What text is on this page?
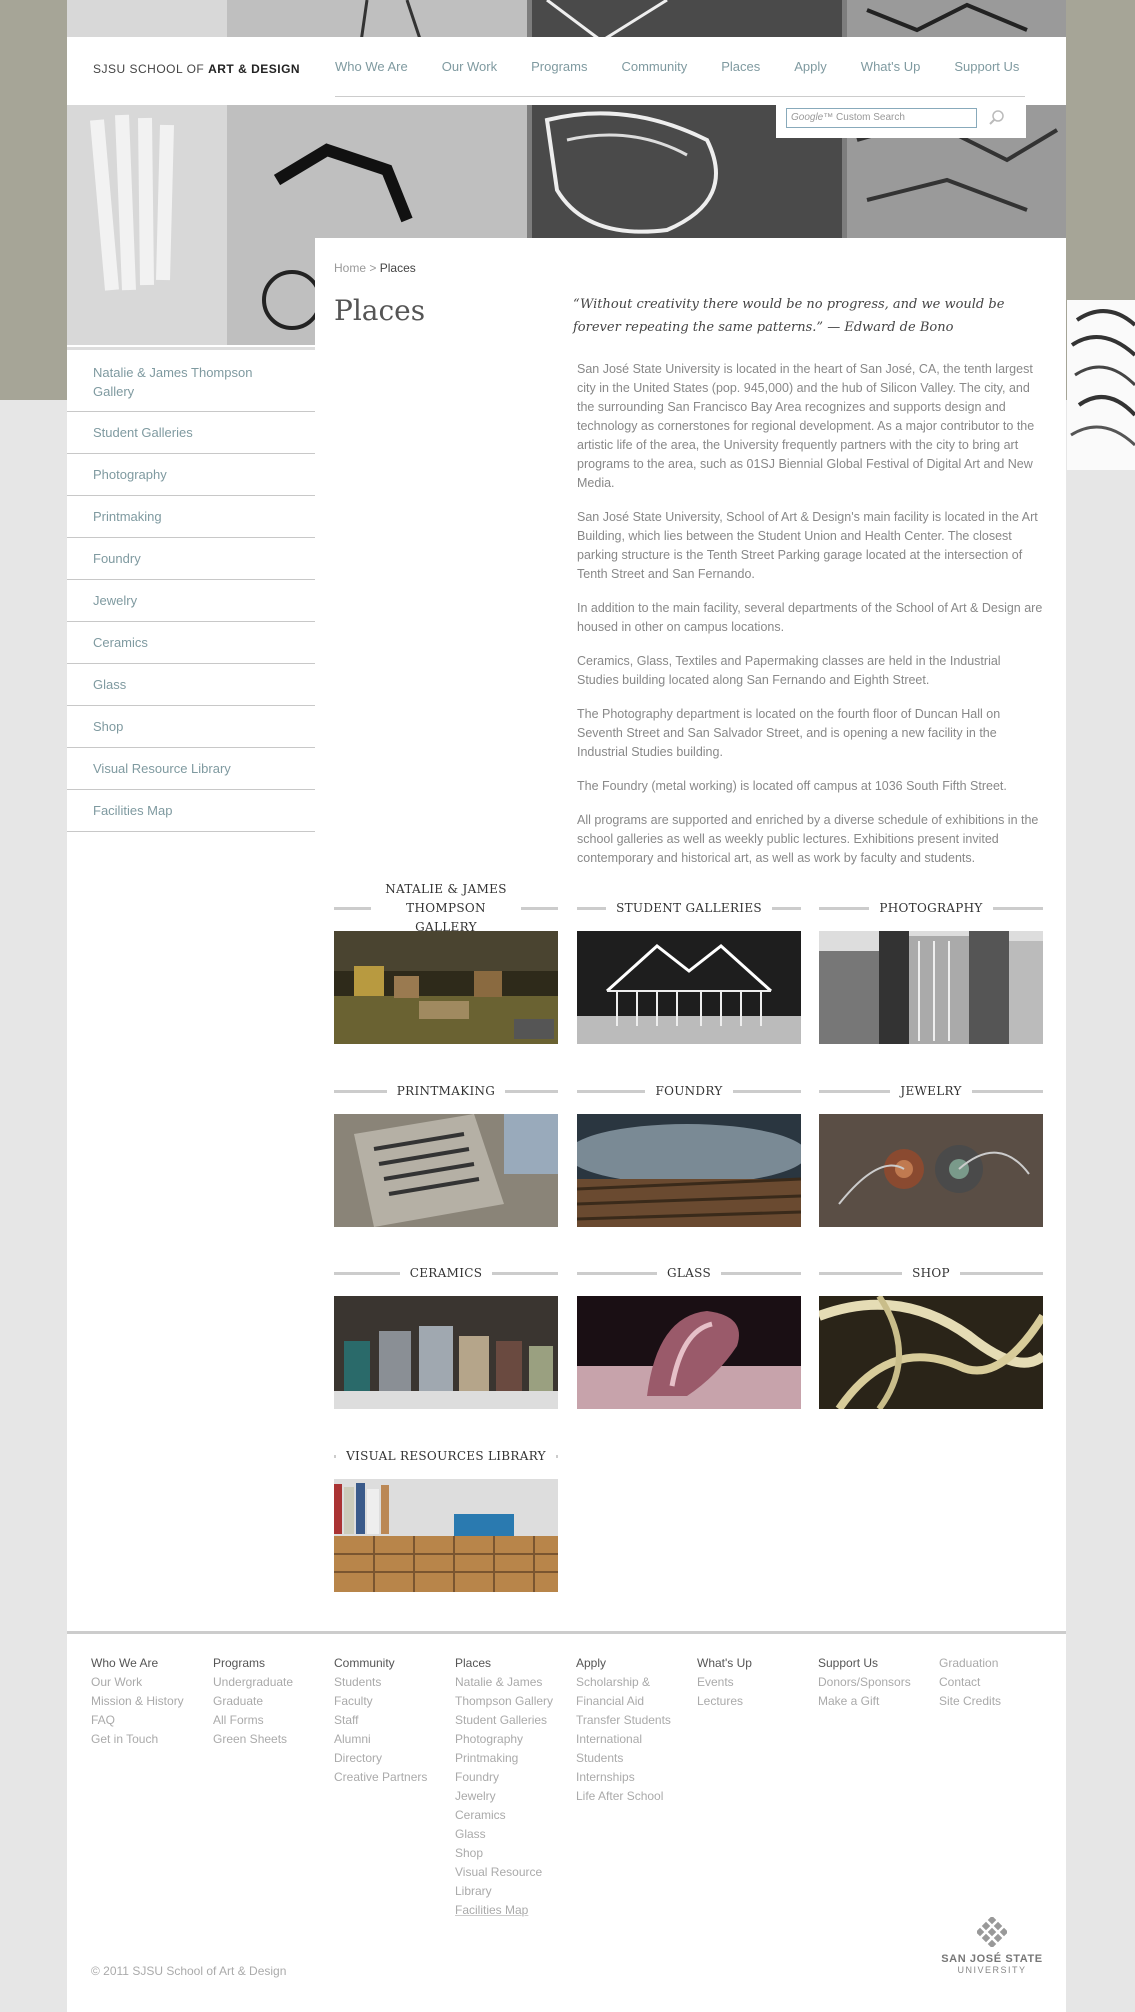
SJSU SCHOOL OF ART & DESIGN	Who We Are	Our Work	Programs	Community	Places	Apply	What's Up	Support Us
Natalie & James Thompson Gallery
Student Galleries
Photography
Printmaking
Foundry
Jewelry
Ceramics
Glass
Shop
Visual Resource Library
Facilities Map
Home > Places
Places	“Without creativity there would be no progress, and we would be forever repeating the same patterns.” — Edward de Bono

San José State University is located in the heart of San José, CA, the tenth largest city in the United States (pop. 945,000) and the hub of Silicon Valley. The city, and the surrounding San Francisco Bay Area recognizes and supports design and technology as cornerstones for regional development. As a major contributor to the artistic life of the area, the University frequently partners with the city to bring art programs to the area, such as 01SJ Biennial Global Festival of Digital Art and New Media.

San José State University, School of Art & Design's main facility is located in the Art Building, which lies between the Student Union and Health Center. The closest parking structure is the Tenth Street Parking garage located at the intersection of Tenth Street and San Fernando.

In addition to the main facility, several departments of the School of Art & Design are housed in other on campus locations.

Ceramics, Glass, Textiles and Papermaking classes are held in the Industrial Studies building located along San Fernando and Eighth Street.

The Photography department is located on the fourth floor of Duncan Hall on Seventh Street and San Salvador Street, and is opening a new facility in the Industrial Studies building.

The Foundry (metal working) is located off campus at 1036 South Fifth Street.

All programs are supported and enriched by a diverse schedule of exhibitions in the school galleries as well as weekly public lectures. Exhibitions present invited contemporary and historical art, as well as work by faculty and students.

NATALIE & JAMES THOMPSON GALLERY
STUDENT GALLERIES	PHOTOGRAPHY
PRINTMAKING	FOUNDRY	JEWELRY
CERAMICS	GLASS	SHOP
VISUAL RESOURCES LIBRARY
Who We Are
Our Work
Mission & History
FAQ
Get in Touch
Programs
Undergraduate
Graduate
All Forms
Green Sheets
Community
Students
Faculty
Staff
Alumni
Directory
Creative Partners
Places
Natalie & James
Thompson Gallery
Student Galleries
Photography
Printmaking
Foundry
Jewelry
Ceramics
Glass
Shop
Visual Resource
Library
Facilities Map
Apply
Scholarship &
Financial Aid
Transfer Students
International
Students
Internships
Life After School
What's Up
Events
Lectures
Support Us
Donors/Sponsors
Make a Gift
Graduation
Contact
Site Credits
© 2011 SJSU School of Art & Design
SAN JOSÉ STATE
UNIVERSITY
Google™ Custom Search
